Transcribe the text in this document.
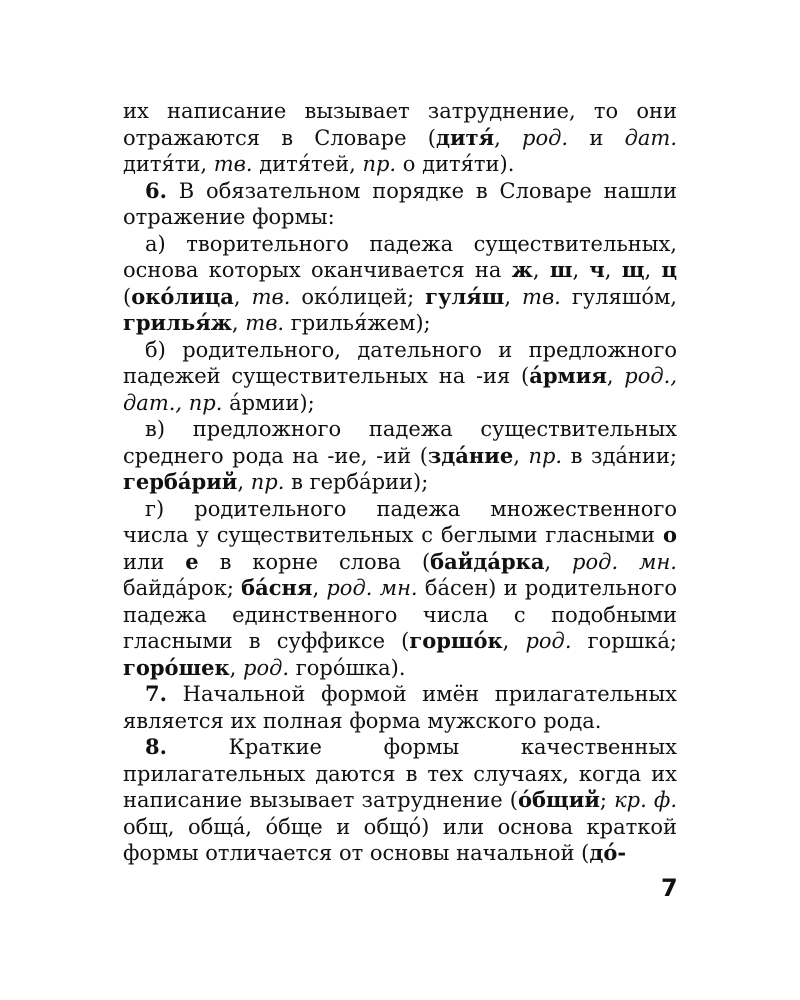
их написание вызывает затруднение, то они отражаются в Словаре (дитя́, род. и дат. дитя́ти, тв. дитя́тей, пр. о дитя́ти).

6. В обязательном порядке в Словаре нашли отражение формы:

а) творительного падежа существительных, основа которых оканчивается на ж, ш, ч, щ, ц (око́лица, тв. око́лицей; гуля́ш, тв. гуляшо́м, грилья́ж, тв. грилья́жем);

б) родительного, дательного и предложного падежей существительных на -ия (а́рмия, род., дат., пр. а́рмии);

в) предложного падежа существительных среднего рода на -ие, -ий (зда́ние, пр. в зда́нии; герба́рий, пр. в герба́рии);

г) родительного падежа множественного числа у существительных с беглыми гласными о или е в корне слова (байда́рка, род. мн. байда́рок; ба́сня, род. мн. ба́сен) и родительного падежа единственного числа с подобными гласными в суффиксе (горшо́к, род. горшка́; горо́шек, род. горо́шка).

7. Начальной формой имён прилагательных является их полная форма мужского рода.

8. Краткие формы качественных прилагательных даются в тех случаях, когда их написание вызывает затруднение (о́бщий; кр. ф. общ, обща́, о́бще и общо́) или основа краткой формы отличается от основы начальной (до́-

7
